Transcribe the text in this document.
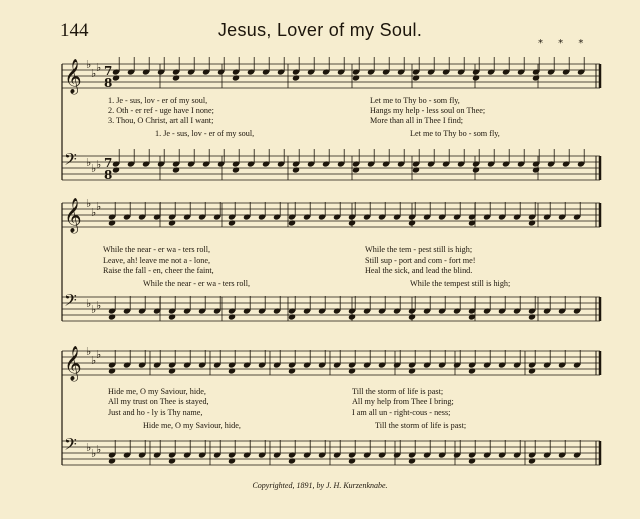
144	Jesus, Lover of my Soul.
* * *
𝄞 ♭
♭ ♭ 7
8
𝄢 ♭ ♭ ♭ 7
8
𝄞 ♭
♭ ♭
𝄢 ♭ ♭ ♭
𝄞 ♭
♭ ♭
𝄢 ♭ ♭ ♭
1. Je - sus, lov - er of my soul,	Let me to Thy bo - som fly,
2. Oth - er ref - uge have I none;	Hangs my help - less soul on Thee;
3. Thou, O Christ, art all I want;	More than all in Thee I find;
1. Je - sus, lov - er of my soul,	Let me to Thy bo - som fly,
While the near - er wa - ters roll,	While the tem - pest still is high;
Leave, ah! leave me not a - lone,	Still sup - port and com - fort me!
Raise the fall - en, cheer the faint,	Heal the sick, and lead the blind.
While the near - er wa - ters roll,	While the tempest still is high;
Hide me, O my Saviour, hide,	Till the storm of life is past;
All my trust on Thee is stayed,	All my help from Thee I bring;
Just and ho - ly is Thy name,	I am all un - right-cous - ness;
Hide me, O my Saviour, hide,	Till the storm of life is past;
Copyrighted, 1891, by J. H. Kurzenknabe.
